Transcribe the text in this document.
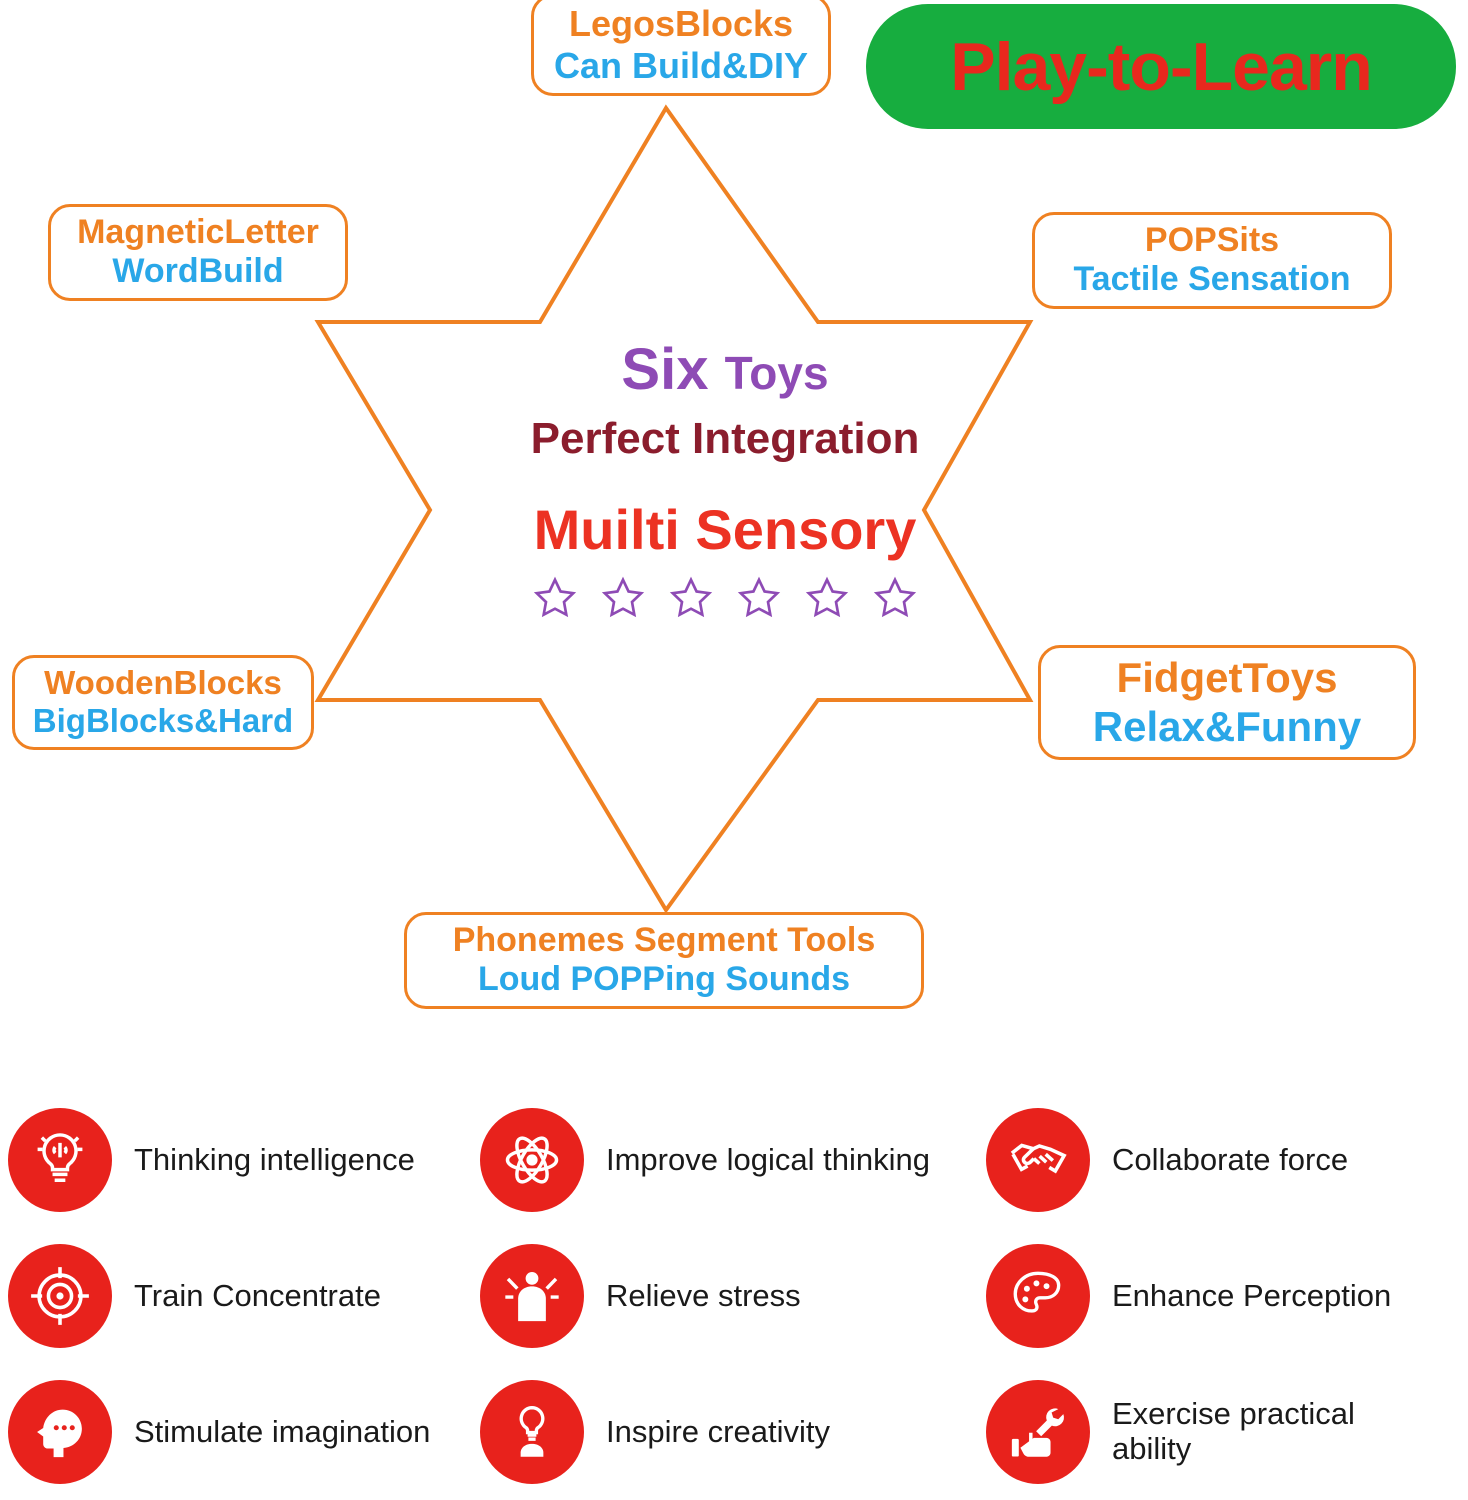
Play-to-Learn
LegosBlocks
Can Build&DIY
MagneticLetter
WordBuild
POPSits
Tactile Sensation
WoodenBlocks
BigBlocks&Hard
FidgetToys
Relax&Funny
Phonemes Segment Tools
Loud POPPing Sounds
Six Toys
Perfect Integration
Muilti Sensory
Thinking intelligence	Improve logical thinking	Collaborate force
Train Concentrate	Relieve stress	Enhance Perception
Stimulate imagination	Inspire creativity	Exercise practical ability
